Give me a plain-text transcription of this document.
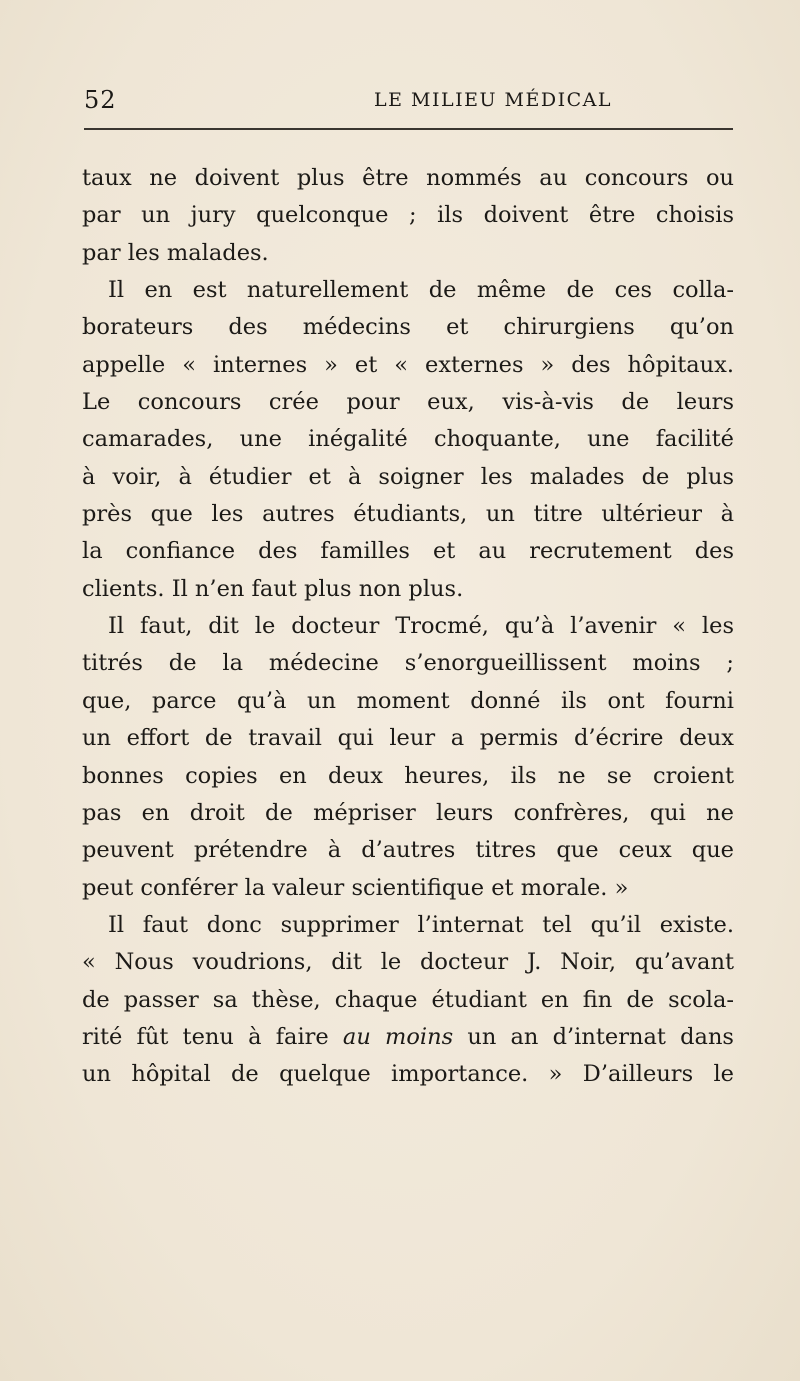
52	LE MILIEU MÉDICAL
taux ne doivent plus être nommés au concours ou
par un jury quelconque ; ils doivent être choisis
par les malades.
Il en est naturellement de même de ces colla-
borateurs des médecins et chirurgiens qu’on
appelle « internes » et « externes » des hôpitaux.
Le concours crée pour eux, vis-à-vis de leurs
camarades, une inégalité choquante, une facilité
à voir, à étudier et à soigner les malades de plus
près que les autres étudiants, un titre ultérieur à
la confiance des familles et au recrutement des
clients. Il n’en faut plus non plus.
Il faut, dit le docteur Trocmé, qu’à l’avenir « les
titrés de la médecine s’enorgueillissent moins ;
que, parce qu’à un moment donné ils ont fourni
un effort de travail qui leur a permis d’écrire deux
bonnes copies en deux heures, ils ne se croient
pas en droit de mépriser leurs confrères, qui ne
peuvent prétendre à d’autres titres que ceux que
peut conférer la valeur scientifique et morale. »
Il faut donc supprimer l’internat tel qu’il existe.
« Nous voudrions, dit le docteur J. Noir, qu’avant
de passer sa thèse, chaque étudiant en fin de scola-
rité fût tenu à faire au moins un an d’internat dans
un hôpital de quelque importance. » D’ailleurs le
